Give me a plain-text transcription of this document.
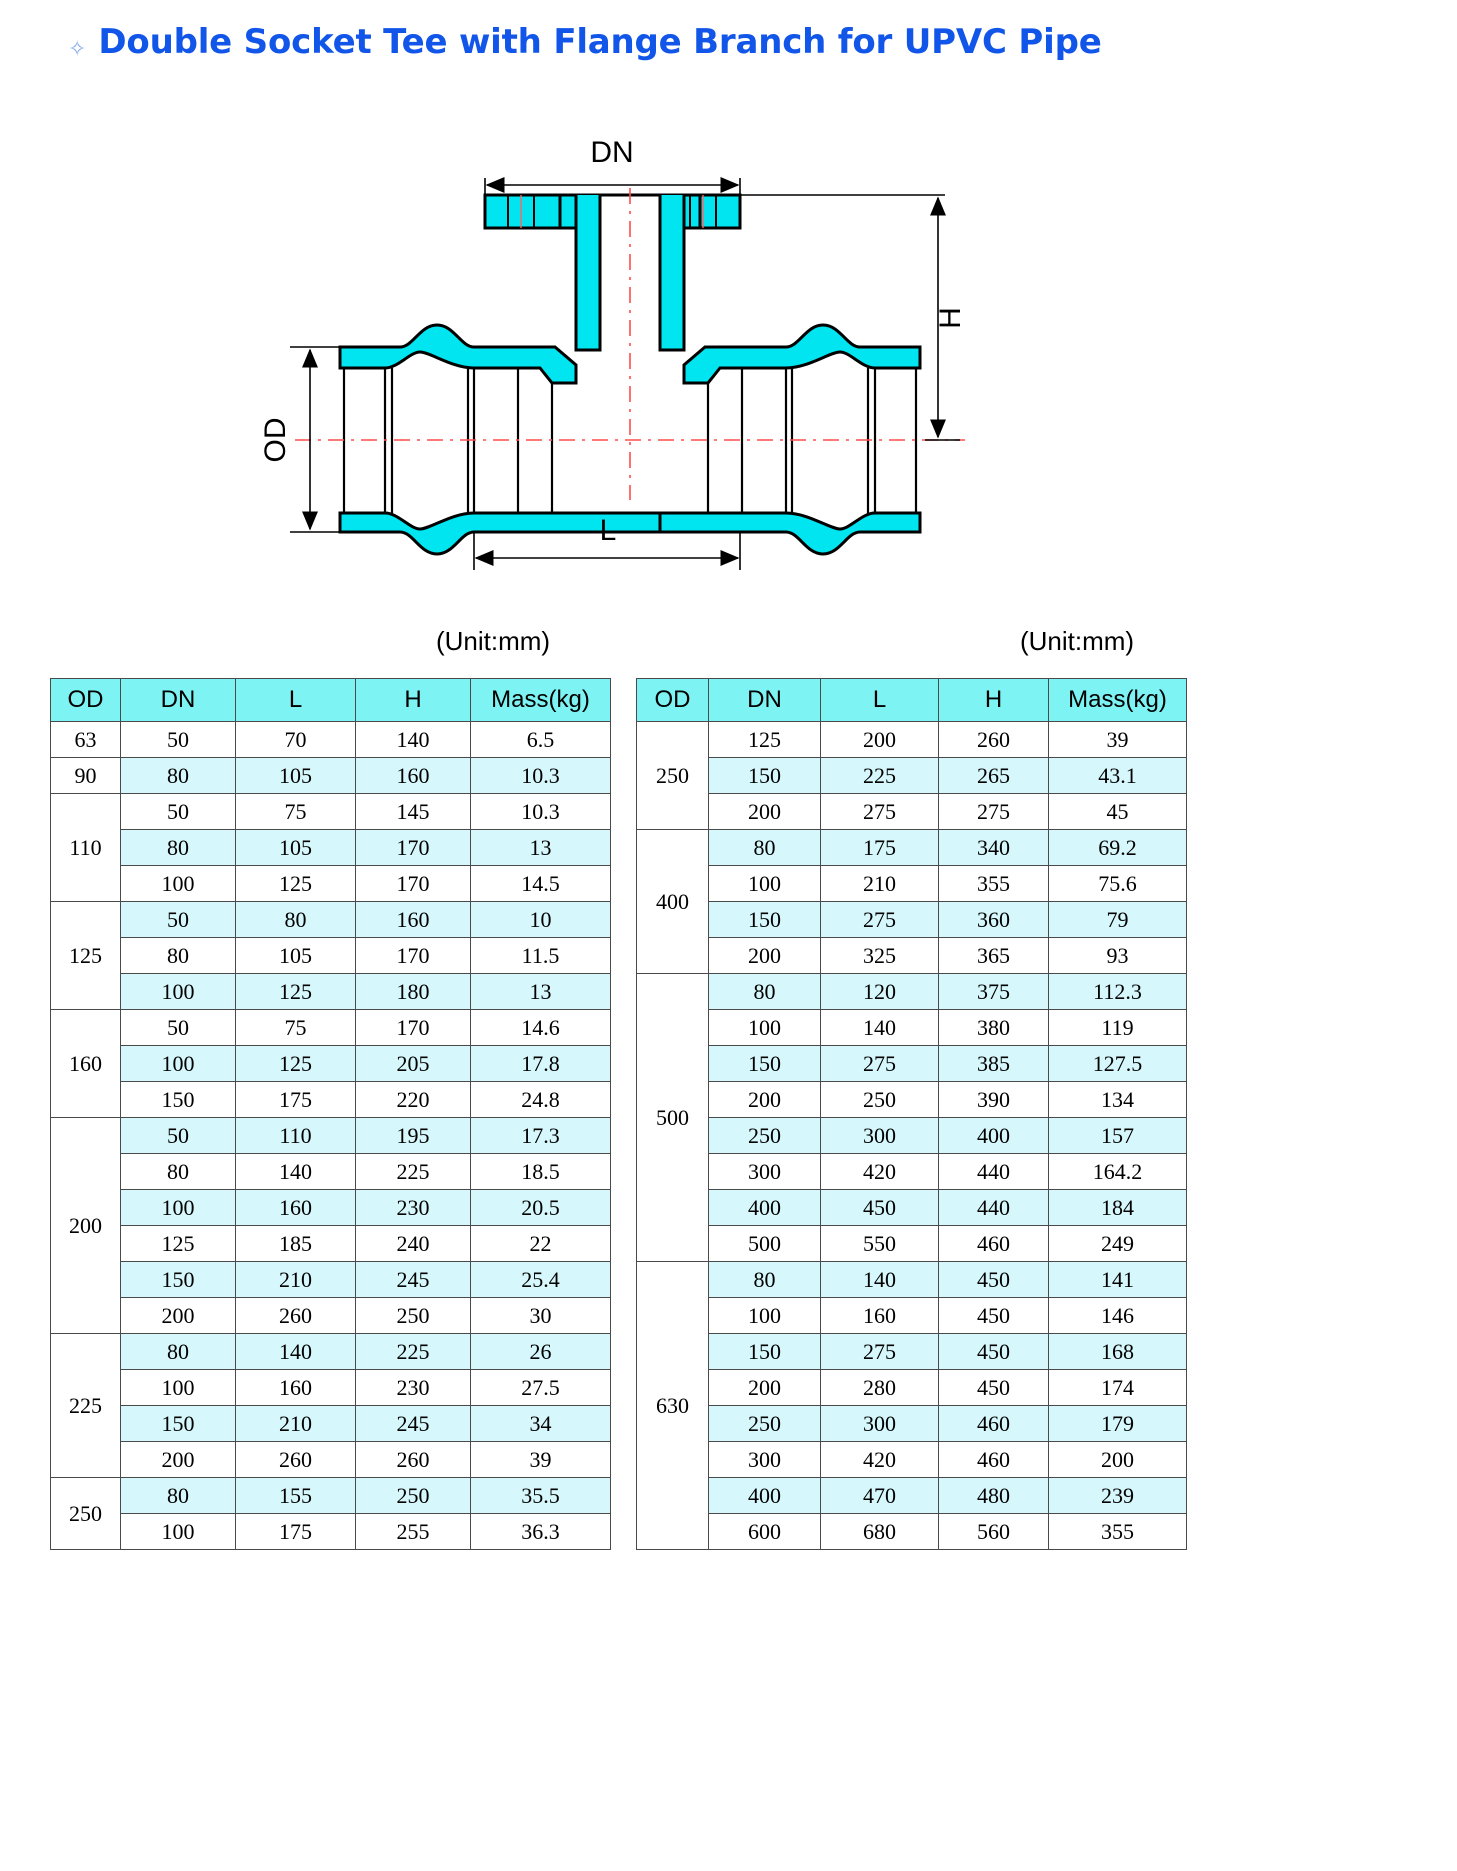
✧ Double Socket Tee with Flange Branch for UPVC Pipe
DN
OD
H
L
(Unit:mm)	(Unit:mm)
OD	DN	L	H	Mass(kg)
63	50	70	140	6.5
90	80	105	160	10.3
110	50	75	145	10.3
	80	105	170	13
	100	125	170	14.5
125	50	80	160	10
	80	105	170	11.5
	100	125	180	13
160	50	75	170	14.6
	100	125	205	17.8
	150	175	220	24.8
200	50	110	195	17.3
	80	140	225	18.5
	100	160	230	20.5
	125	185	240	22
	150	210	245	25.4
	200	260	250	30
225	80	140	225	26
	100	160	230	27.5
	150	210	245	34
	200	260	260	39
250	80	155	250	35.5
	100	175	255	36.3
OD	DN	L	H	Mass(kg)
250	125	200	260	39
	150	225	265	43.1
	200	275	275	45
400	80	175	340	69.2
	100	210	355	75.6
	150	275	360	79
	200	325	365	93
500	80	120	375	112.3
	100	140	380	119
	150	275	385	127.5
	200	250	390	134
	250	300	400	157
	300	420	440	164.2
	400	450	440	184
	500	550	460	249
630	80	140	450	141
	100	160	450	146
	150	275	450	168
	200	280	450	174
	250	300	460	179
	300	420	460	200
	400	470	480	239
	600	680	560	355
